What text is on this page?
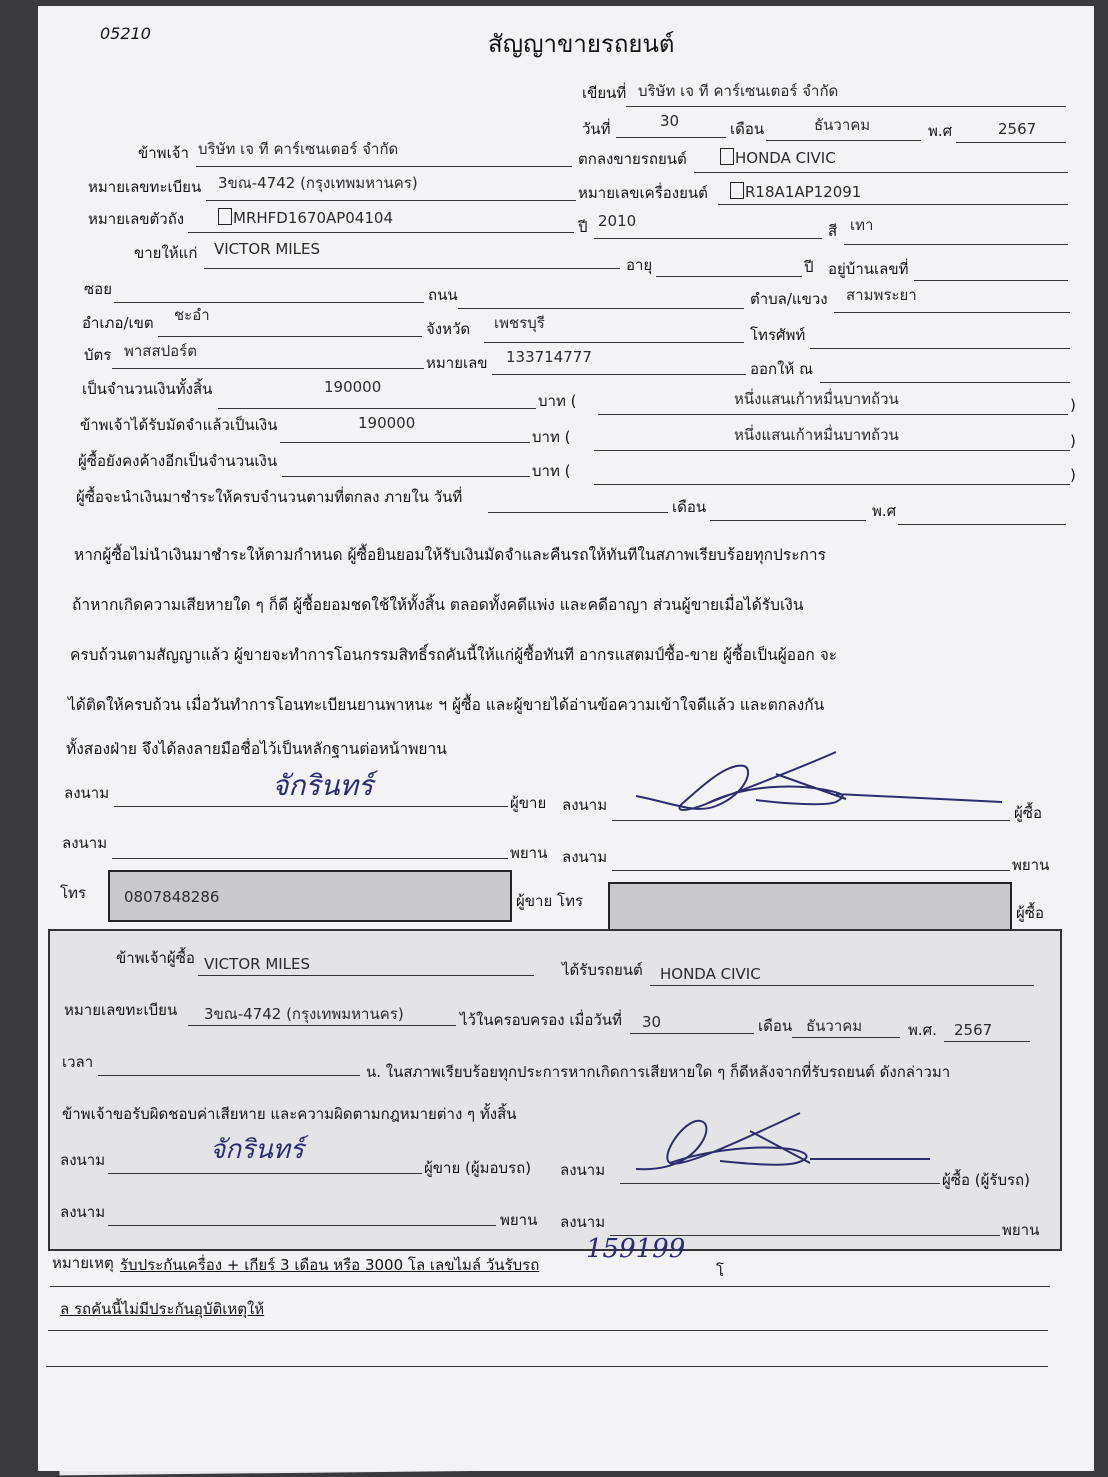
05210	สัญญาขายรถยนต์
เขียนที่ บริษัท เจ ที คาร์เซนเตอร์ จำกัด
วันที่	30	เดือน	ธันวาคม	พ.ศ	2567
ข้าพเจ้า บริษัท เจ ที คาร์เซนเตอร์ จำกัด
ตกลงขายรถยนต์	HONDA CIVIC
หมายเลขทะเบียน 3ขณ-4742 (กรุงเทพมหานคร)
หมายเลขเครื่องยนต์	R18A1AP12091
หมายเลขตัวถัง	MRHFD1670AP04104	ปี 2010
สี เทา
ขายให้แก่ VICTOR MILES
อายุ	ปี อยู่บ้านเลขที่
ซอย	ถนน	ตำบล/แขวง สามพระยา
อำเภอ/เขต ชะอำ
จังหวัด เพชรบุรี
โทรศัพท์
บัตร พาสสปอร์ต
หมายเลข 133714777
ออกให้ ณ
เป็นจำนวนเงินทั้งสิ้น	190000
บาท (	หนึ่งแสนเก้าหมื่นบาทถ้วน	)
ข้าพเจ้าได้รับมัดจำแล้วเป็นเงิน	190000
บาท (	หนึ่งแสนเก้าหมื่นบาทถ้วน	)
ผู้ซื้อยังคงค้างอีกเป็นจำนวนเงิน
บาท (	)
ผู้ซื้อจะนำเงินมาชำระให้ครบจำนวนตามที่ตกลง ภายใน วันที่
เดือน	พ.ศ
หากผู้ซื้อไม่นำเงินมาชำระให้ตามกำหนด ผู้ซื้อยินยอมให้รับเงินมัดจำและคืนรถให้ทันทีในสภาพเรียบร้อยทุกประการ
ถ้าหากเกิดความเสียหายใด ๆ ก็ดี ผู้ซื้อยอมชดใช้ให้ทั้งสิ้น ตลอดทั้งคดีแพ่ง และคดีอาญา ส่วนผู้ขายเมื่อได้รับเงิน
ครบถ้วนตามสัญญาแล้ว ผู้ขายจะทำการโอนกรรมสิทธิ์รถคันนี้ให้แก่ผู้ซื้อทันที อากรแสตมป์ซื้อ-ขาย ผู้ซื้อเป็นผู้ออก จะ
ได้ติดให้ครบถ้วน เมื่อวันทำการโอนทะเบียนยานพาหนะ ฯ ผู้ซื้อ และผู้ขายได้อ่านข้อความเข้าใจดีแล้ว และตกลงกัน
ทั้งสองฝ่าย จึงได้ลงลายมือชื่อไว้เป็นหลักฐานต่อหน้าพยาน
ลงนาม	จักรินทร์
ผู้ขาย ลงนาม	ผู้ซื้อ
ลงนาม
พยาน ลงนาม	พยาน
โทร	0807848286	ผู้ขาย โทร
ผู้ซื้อ
ข้าพเจ้าผู้ซื้อ VICTOR MILES	ได้รับรถยนต์ HONDA CIVIC
หมายเลขทะเบียน 3ขณ-4742 (กรุงเทพมหานคร)	ไว้ในครอบครอง เมื่อวันที่ 30	เดือน ธันวาคม	พ.ศ. 2567
เวลา
น. ในสภาพเรียบร้อยทุกประการหากเกิดการเสียหายใด ๆ ก็ดีหลังจากที่รับรถยนต์ ดังกล่าวมา
ข้าพเจ้าขอรับผิดชอบค่าเสียหาย และความผิดตามกฎหมายต่าง ๆ ทั้งสิ้น
ลงนาม	จักรินทร์
ผู้ขาย (ผู้มอบรถ) ลงนาม
ผู้ซื้อ (ผู้รับรถ)
ลงนาม	พยาน ลงนาม	พยาน
หมายเหตุ รับประกันเครื่อง + เกียร์ 3 เดือน หรือ 3000 โล เลขไมล์ วันรับรถ
159199
โ
ล รถคันนี้ไม่มีประกันอุบัติเหตุให้
